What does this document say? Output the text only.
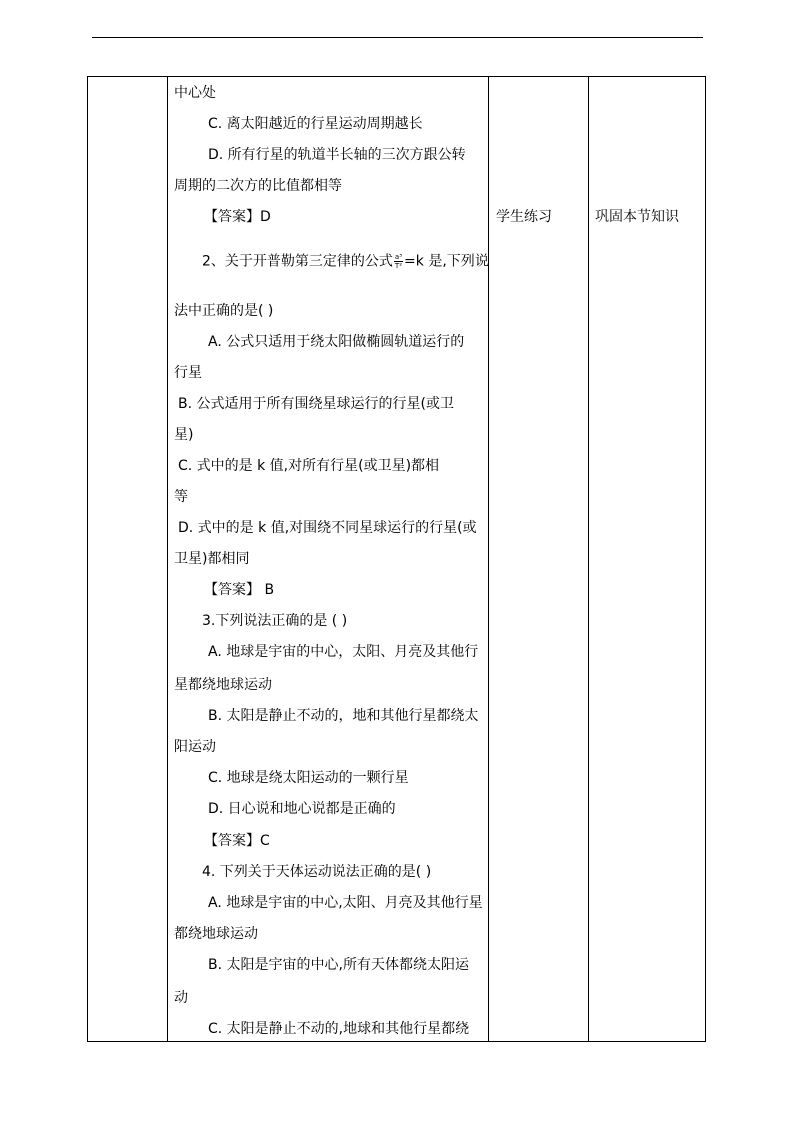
中心处
C. 离太阳越近的行星运动周期越长
D. 所有行星的轨道半长轴的三次方跟公转
周期的二次方的比值都相等
【答案】D
2、关于开普勒第三定律的公式 $\frac{\text{a³}}{\text{T²}} =k$ 是,下列说
法中正确的是( )
A. 公式只适用于绕太阳做椭圆轨道运行的
行星
B. 公式适用于所有围绕星球运行的行星(或卫
星)
C. 式中的是 k 值,对所有行星(或卫星)都相
等
D. 式中的是 k 值,对围绕不同星球运行的行星(或
卫星)都相同
【答案】 B
3.下列说法正确的是 ( )
A. 地球是宇宙的中心，太阳、月亮及其他行
星都绕地球运动
B. 太阳是静止不动的，地和其他行星都绕太
阳运动
C. 地球是绕太阳运动的一颗行星
D. 日心说和地心说都是正确的
【答案】C
4. 下列关于天体运动说法正确的是( )
A. 地球是宇宙的中心,太阳、月亮及其他行星
都绕地球运动
B. 太阳是宇宙的中心,所有天体都绕太阳运
动
C. 太阳是静止不动的,地球和其他行星都绕
学生练习	巩固本节知识
